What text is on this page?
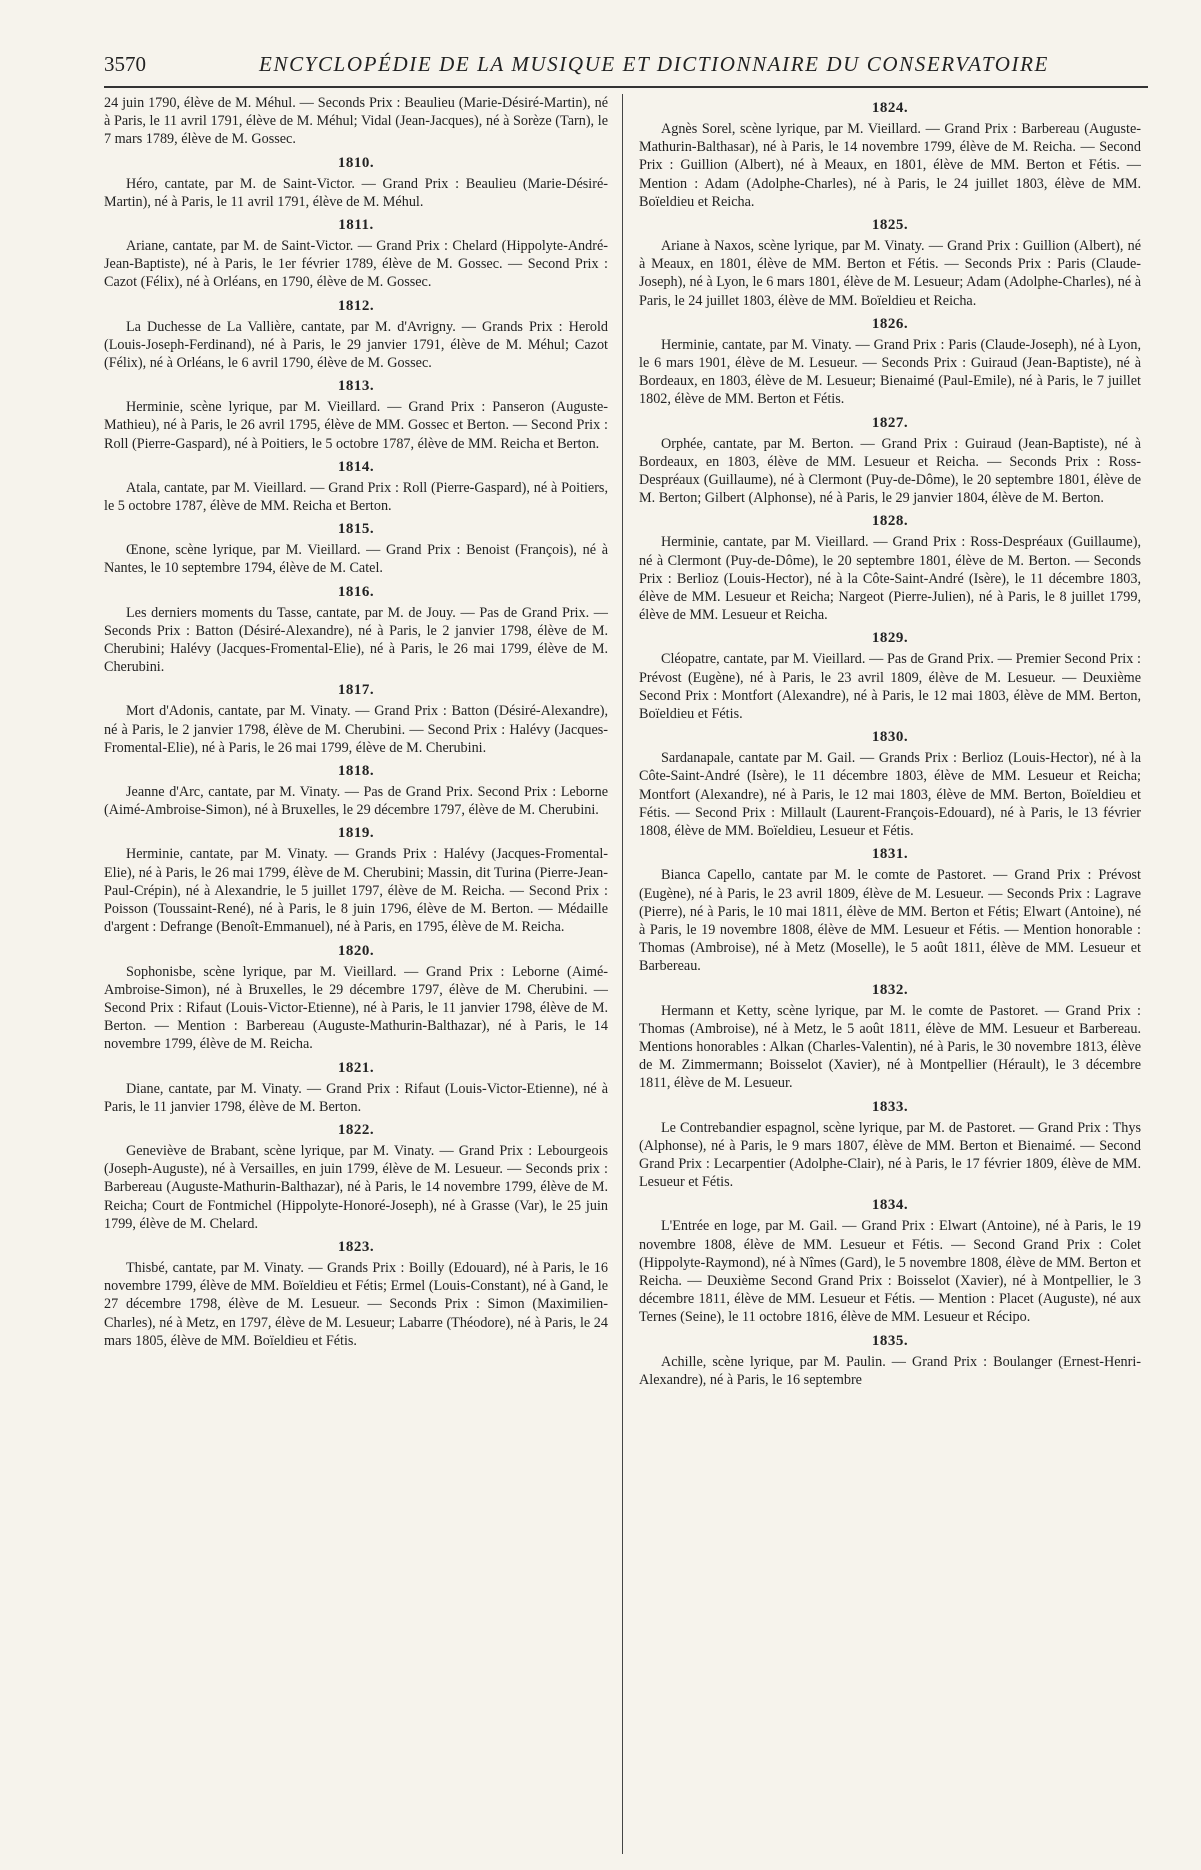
3570	ENCYCLOPÉDIE DE LA MUSIQUE ET DICTIONNAIRE DU CONSERVATOIRE

24 juin 1790, élève de M. Méhul. — Seconds Prix : Beaulieu (Marie-Désiré-Martin), né à Paris, le 11 avril 1791, élève de M. Méhul; Vidal (Jean-Jacques), né à Sorèze (Tarn), le 7 mars 1789, élève de M. Gossec.

1810.

Héro, cantate, par M. de Saint-Victor. — Grand Prix : Beaulieu (Marie-Désiré-Martin), né à Paris, le 11 avril 1791, élève de M. Méhul.

1811.

Ariane, cantate, par M. de Saint-Victor. — Grand Prix : Chelard (Hippolyte-André-Jean-Baptiste), né à Paris, le 1er février 1789, élève de M. Gossec. — Second Prix : Cazot (Félix), né à Orléans, en 1790, élève de M. Gossec.

1812.

La Duchesse de La Vallière, cantate, par M. d'Avrigny. — Grands Prix : Herold (Louis-Joseph-Ferdinand), né à Paris, le 29 janvier 1791, élève de M. Méhul; Cazot (Félix), né à Orléans, le 6 avril 1790, élève de M. Gossec.

1813.

Herminie, scène lyrique, par M. Vieillard. — Grand Prix : Panseron (Auguste-Mathieu), né à Paris, le 26 avril 1795, élève de MM. Gossec et Berton. — Second Prix : Roll (Pierre-Gaspard), né à Poitiers, le 5 octobre 1787, élève de MM. Reicha et Berton.

1814.

Atala, cantate, par M. Vieillard. — Grand Prix : Roll (Pierre-Gaspard), né à Poitiers, le 5 octobre 1787, élève de MM. Reicha et Berton.

1815.

Œnone, scène lyrique, par M. Vieillard. — Grand Prix : Benoist (François), né à Nantes, le 10 septembre 1794, élève de M. Catel.

1816.

Les derniers moments du Tasse, cantate, par M. de Jouy. — Pas de Grand Prix. — Seconds Prix : Batton (Désiré-Alexandre), né à Paris, le 2 janvier 1798, élève de M. Cherubini; Halévy (Jacques-Fromental-Elie), né à Paris, le 26 mai 1799, élève de M. Cherubini.

1817.

Mort d'Adonis, cantate, par M. Vinaty. — Grand Prix : Batton (Désiré-Alexandre), né à Paris, le 2 janvier 1798, élève de M. Cherubini. — Second Prix : Halévy (Jacques-Fromental-Elie), né à Paris, le 26 mai 1799, élève de M. Cherubini.

1818.

Jeanne d'Arc, cantate, par M. Vinaty. — Pas de Grand Prix. Second Prix : Leborne (Aimé-Ambroise-Simon), né à Bruxelles, le 29 décembre 1797, élève de M. Cherubini.

1819.

Herminie, cantate, par M. Vinaty. — Grands Prix : Halévy (Jacques-Fromental-Elie), né à Paris, le 26 mai 1799, élève de M. Cherubini; Massin, dit Turina (Pierre-Jean-Paul-Crépin), né à Alexandrie, le 5 juillet 1797, élève de M. Reicha. — Second Prix : Poisson (Toussaint-René), né à Paris, le 8 juin 1796, élève de M. Berton. — Médaille d'argent : Defrange (Benoît-Emmanuel), né à Paris, en 1795, élève de M. Reicha.

1820.

Sophonisbe, scène lyrique, par M. Vieillard. — Grand Prix : Leborne (Aimé-Ambroise-Simon), né à Bruxelles, le 29 décembre 1797, élève de M. Cherubini. — Second Prix : Rifaut (Louis-Victor-Etienne), né à Paris, le 11 janvier 1798, élève de M. Berton. — Mention : Barbereau (Auguste-Mathurin-Balthazar), né à Paris, le 14 novembre 1799, élève de M. Reicha.

1821.

Diane, cantate, par M. Vinaty. — Grand Prix : Rifaut (Louis-Victor-Etienne), né à Paris, le 11 janvier 1798, élève de M. Berton.

1822.

Geneviève de Brabant, scène lyrique, par M. Vinaty. — Grand Prix : Lebourgeois (Joseph-Auguste), né à Versailles, en juin 1799, élève de M. Lesueur. — Seconds prix : Barbereau (Auguste-Mathurin-Balthazar), né à Paris, le 14 novembre 1799, élève de M. Reicha; Court de Fontmichel (Hippolyte-Honoré-Joseph), né à Grasse (Var), le 25 juin 1799, élève de M. Chelard.

1823.

Thisbé, cantate, par M. Vinaty. — Grands Prix : Boilly (Edouard), né à Paris, le 16 novembre 1799, élève de MM. Boïeldieu et Fétis; Ermel (Louis-Constant), né à Gand, le 27 décembre 1798, élève de M. Lesueur. — Seconds Prix : Simon (Maximilien-Charles), né à Metz, en 1797, élève de M. Lesueur; Labarre (Théodore), né à Paris, le 24 mars 1805, élève de MM. Boïeldieu et Fétis.

1824.

Agnès Sorel, scène lyrique, par M. Vieillard. — Grand Prix : Barbereau (Auguste-Mathurin-Balthasar), né à Paris, le 14 novembre 1799, élève de M. Reicha. — Second Prix : Guillion (Albert), né à Meaux, en 1801, élève de MM. Berton et Fétis. — Mention : Adam (Adolphe-Charles), né à Paris, le 24 juillet 1803, élève de MM. Boïeldieu et Reicha.

1825.

Ariane à Naxos, scène lyrique, par M. Vinaty. — Grand Prix : Guillion (Albert), né à Meaux, en 1801, élève de MM. Berton et Fétis. — Seconds Prix : Paris (Claude-Joseph), né à Lyon, le 6 mars 1801, élève de M. Lesueur; Adam (Adolphe-Charles), né à Paris, le 24 juillet 1803, élève de MM. Boïeldieu et Reicha.

1826.

Herminie, cantate, par M. Vinaty. — Grand Prix : Paris (Claude-Joseph), né à Lyon, le 6 mars 1901, élève de M. Lesueur. — Seconds Prix : Guiraud (Jean-Baptiste), né à Bordeaux, en 1803, élève de M. Lesueur; Bienaimé (Paul-Emile), né à Paris, le 7 juillet 1802, élève de MM. Berton et Fétis.

1827.

Orphée, cantate, par M. Berton. — Grand Prix : Guiraud (Jean-Baptiste), né à Bordeaux, en 1803, élève de MM. Lesueur et Reicha. — Seconds Prix : Ross-Despréaux (Guillaume), né à Clermont (Puy-de-Dôme), le 20 septembre 1801, élève de M. Berton; Gilbert (Alphonse), né à Paris, le 29 janvier 1804, élève de M. Berton.

1828.

Herminie, cantate, par M. Vieillard. — Grand Prix : Ross-Despréaux (Guillaume), né à Clermont (Puy-de-Dôme), le 20 septembre 1801, élève de M. Berton. — Seconds Prix : Berlioz (Louis-Hector), né à la Côte-Saint-André (Isère), le 11 décembre 1803, élève de MM. Lesueur et Reicha; Nargeot (Pierre-Julien), né à Paris, le 8 juillet 1799, élève de MM. Lesueur et Reicha.

1829.

Cléopatre, cantate, par M. Vieillard. — Pas de Grand Prix. — Premier Second Prix : Prévost (Eugène), né à Paris, le 23 avril 1809, élève de M. Lesueur. — Deuxième Second Prix : Montfort (Alexandre), né à Paris, le 12 mai 1803, élève de MM. Berton, Boïeldieu et Fétis.

1830.

Sardanapale, cantate par M. Gail. — Grands Prix : Berlioz (Louis-Hector), né à la Côte-Saint-André (Isère), le 11 décembre 1803, élève de MM. Lesueur et Reicha; Montfort (Alexandre), né à Paris, le 12 mai 1803, élève de MM. Berton, Boïeldieu et Fétis. — Second Prix : Millault (Laurent-François-Edouard), né à Paris, le 13 février 1808, élève de MM. Boïeldieu, Lesueur et Fétis.

1831.

Bianca Capello, cantate par M. le comte de Pastoret. — Grand Prix : Prévost (Eugène), né à Paris, le 23 avril 1809, élève de M. Lesueur. — Seconds Prix : Lagrave (Pierre), né à Paris, le 10 mai 1811, élève de MM. Berton et Fétis; Elwart (Antoine), né à Paris, le 19 novembre 1808, élève de MM. Lesueur et Fétis. — Mention honorable : Thomas (Ambroise), né à Metz (Moselle), le 5 août 1811, élève de MM. Lesueur et Barbereau.

1832.

Hermann et Ketty, scène lyrique, par M. le comte de Pastoret. — Grand Prix : Thomas (Ambroise), né à Metz, le 5 août 1811, élève de MM. Lesueur et Barbereau. Mentions honorables : Alkan (Charles-Valentin), né à Paris, le 30 novembre 1813, élève de M. Zimmermann; Boisselot (Xavier), né à Montpellier (Hérault), le 3 décembre 1811, élève de M. Lesueur.

1833.

Le Contrebandier espagnol, scène lyrique, par M. de Pastoret. — Grand Prix : Thys (Alphonse), né à Paris, le 9 mars 1807, élève de MM. Berton et Bienaimé. — Second Grand Prix : Lecarpentier (Adolphe-Clair), né à Paris, le 17 février 1809, élève de MM. Lesueur et Fétis.

1834.

L'Entrée en loge, par M. Gail. — Grand Prix : Elwart (Antoine), né à Paris, le 19 novembre 1808, élève de MM. Lesueur et Fétis. — Second Grand Prix : Colet (Hippolyte-Raymond), né à Nîmes (Gard), le 5 novembre 1808, élève de MM. Berton et Reicha. — Deuxième Second Grand Prix : Boisselot (Xavier), né à Montpellier, le 3 décembre 1811, élève de MM. Lesueur et Fétis. — Mention : Placet (Auguste), né aux Ternes (Seine), le 11 octobre 1816, élève de MM. Lesueur et Récipo.

1835.

Achille, scène lyrique, par M. Paulin. — Grand Prix : Boulanger (Ernest-Henri-Alexandre), né à Paris, le 16 septembre
